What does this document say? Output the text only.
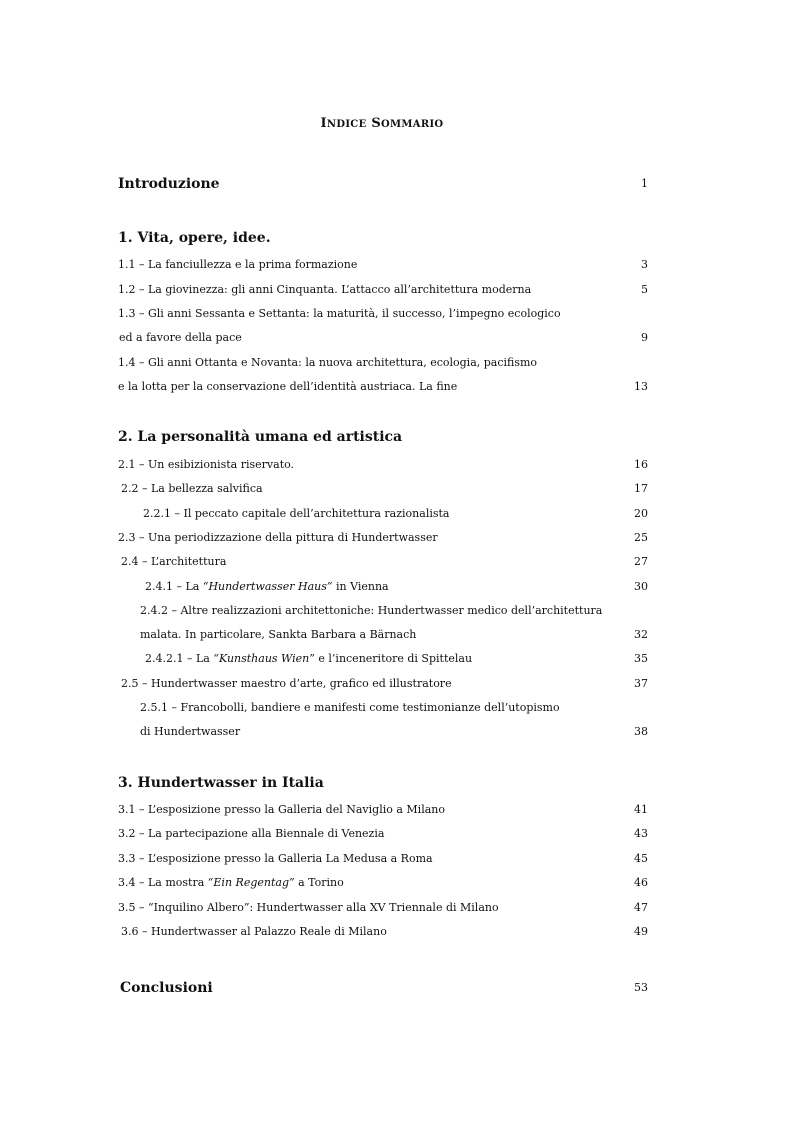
INDICE SOMMARIO
Introduzione	1
1. Vita, opere, idee.
1.1 – La fanciullezza e la prima formazione	3
1.2 – La giovinezza: gli anni Cinquanta. L’attacco all’architettura moderna	5
1.3 – Gli anni Sessanta e Settanta: la maturità, il successo, l’impegno ecologico
ed a favore della pace	9
1.4 – Gli anni Ottanta e Novanta: la nuova architettura, ecologia, pacifismo
e la lotta per la conservazione dell’identità austriaca. La fine	13
2. La personalità umana ed artistica
2.1 – Un esibizionista riservato.	16
2.2 – La bellezza salvifica	17
2.2.1 – Il peccato capitale dell’architettura razionalista	20
2.3 – Una periodizzazione della pittura di Hundertwasser	25
2.4 – L’architettura	27
2.4.1 – La “Hundertwasser Haus” in Vienna	30
2.4.2 – Altre realizzazioni architettoniche: Hundertwasser medico dell’architettura
malata. In particolare, Sankta Barbara a Bärnach	32
2.4.2.1 – La “Kunsthaus Wien” e l’inceneritore di Spittelau	35
2.5 – Hundertwasser maestro d’arte, grafico ed illustratore	37
2.5.1 – Francobolli, bandiere e manifesti come testimonianze dell’utopismo
di Hundertwasser	38
3. Hundertwasser in Italia
3.1 – L’esposizione presso la Galleria del Naviglio a Milano	41
3.2 – La partecipazione alla Biennale di Venezia	43
3.3 – L’esposizione presso la Galleria La Medusa a Roma	45
3.4 – La mostra “Ein Regentag” a Torino	46
3.5 – “Inquilino Albero”: Hundertwasser alla XV Triennale di Milano	47
3.6 – Hundertwasser al Palazzo Reale di Milano	49
Conclusioni	53
